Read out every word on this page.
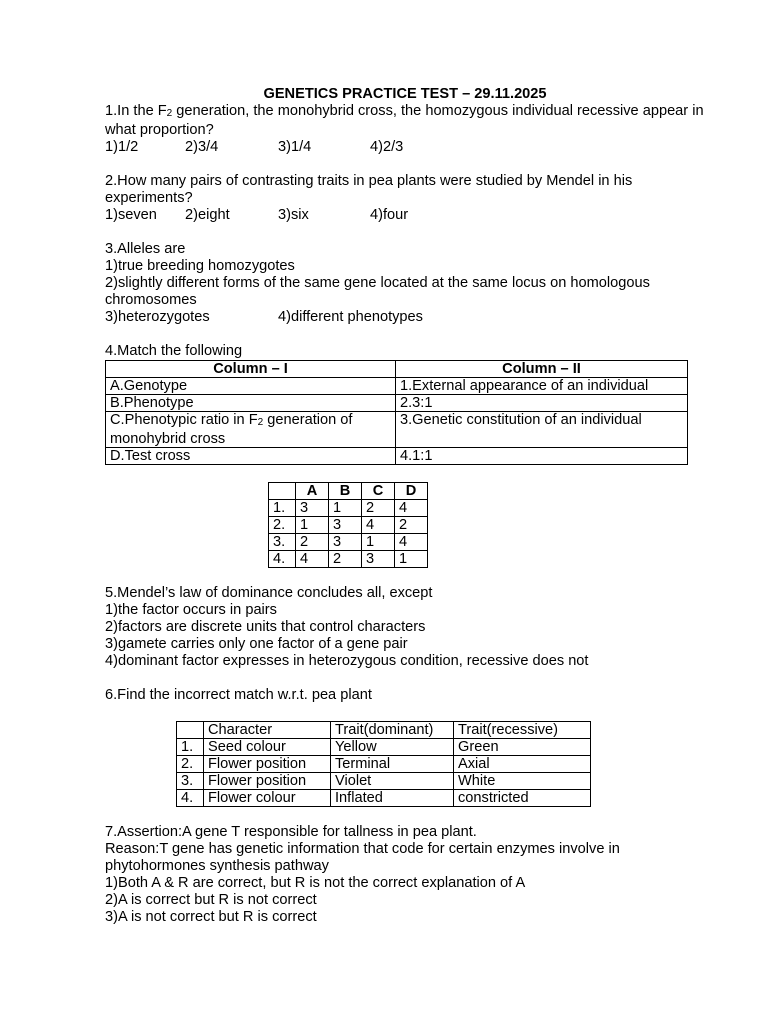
GENETICS PRACTICE TEST – 29.11.2025
1.In the $F_2$ generation, the monohybrid cross, the homozygous individual recessive appear in what proportion?
1)1/2	2)3/4	3)1/4	4)2/3
2.How many pairs of contrasting traits in pea plants were studied by Mendel in his experiments?
1)seven	2)eight	3)six	4)four
3.Alleles are
1)true breeding homozygotes
2)slightly different forms of the same gene located at the same locus on homologous chromosomes
3)heterozygotes	4)different phenotypes
4.Match the following
Column – I	Column – II
A.Genotype	1.External appearance of an individual
B.Phenotype	2.3:1
C.Phenotypic ratio in $F_2$ generation of monohybrid cross	3.Genetic constitution of an individual
D.Test cross	4.1:1
	A	B	C	D
1.	3	1	2	4
2.	1	3	4	2
3.	2	3	1	4
4.	4	2	3	1
5.Mendel’s law of dominance concludes all, except
1)the factor occurs in pairs
2)factors are discrete units that control characters
3)gamete carries only one factor of a gene pair
4)dominant factor expresses in heterozygous condition, recessive does not
6.Find the incorrect match w.r.t. pea plant
	Character	Trait(dominant)	Trait(recessive)
1.	Seed colour	Yellow	Green
2.	Flower position	Terminal	Axial
3.	Flower position	Violet	White
4.	Flower colour	Inflated	constricted
7.Assertion:A gene T responsible for tallness in pea plant.
Reason:T gene has genetic information that code for certain enzymes involve in phytohormones synthesis pathway
1)Both A & R are correct, but R is not the correct explanation of A
2)A is correct but R is not correct
3)A is not correct but R is correct
